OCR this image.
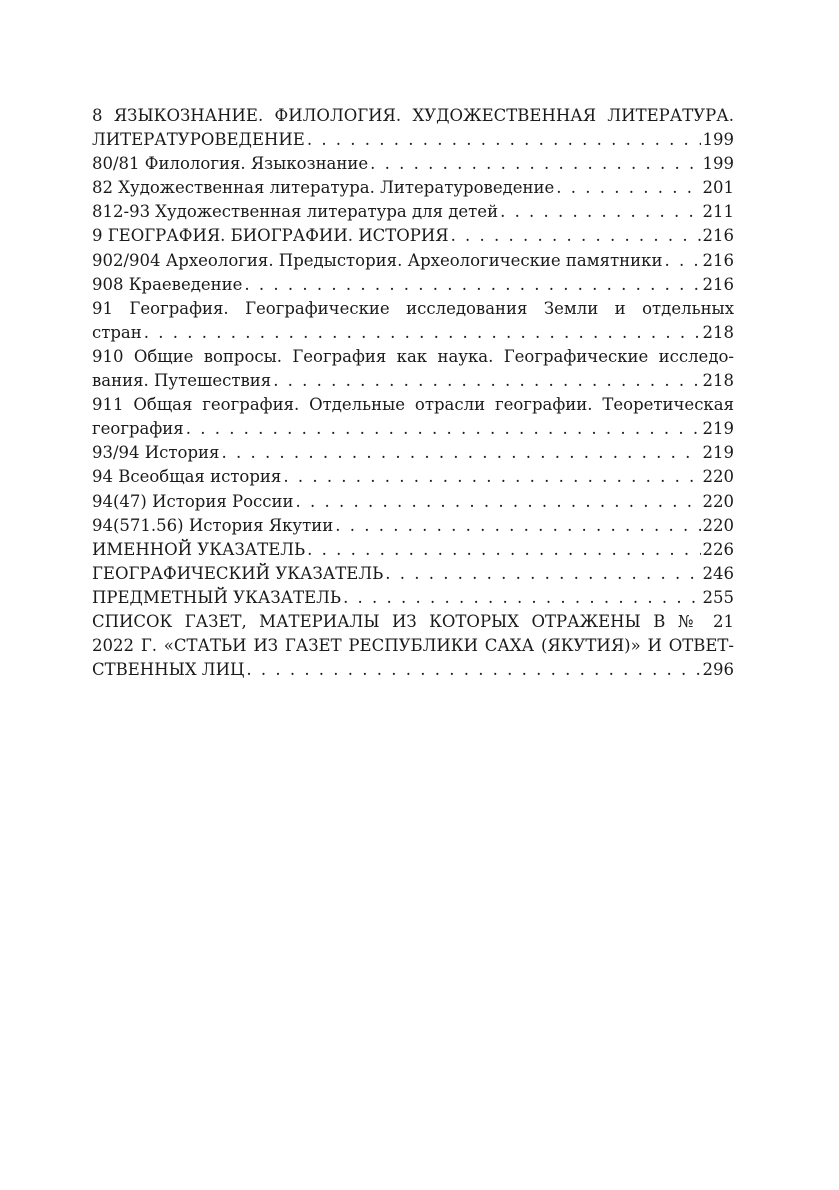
8 ЯЗЫКОЗНАНИЕ. ФИЛОЛОГИЯ. ХУДОЖЕСТВЕННАЯ ЛИТЕРАТУРА.
ЛИТЕРАТУРОВЕДЕНИЕ . . .	199
80/81 Филология. Языкознание . . .	199
82 Художественная литература. Литературоведение . . .	201
812-93 Художественная литература для детей . . .	211
9 ГЕОГРАФИЯ. БИОГРАФИИ. ИСТОРИЯ . . .	216
902/904 Археология. Предыстория. Археологические памятники . . . 216
908 Краеведение . . .	216
91 География. Географические исследования Земли и отдельных
стран . . .	218
910 Общие вопросы. География как наука. Географические исследо-
вания. Путешествия . . .	218
911 Общая география. Отдельные отрасли географии. Теоретическая
география . . .	219
93/94 История . . .	219
94 Всеобщая история . . .	220
94(47) История России . . .	220
94(571.56) История Якутии . . .	220
ИМЕННОЙ УКАЗАТЕЛЬ . . .	226
ГЕОГРАФИЧЕСКИЙ УКАЗАТЕЛЬ . . .	246
ПРЕДМЕТНЫЙ УКАЗАТЕЛЬ . . .	255
СПИСОК ГАЗЕТ, МАТЕРИАЛЫ ИЗ КОТОРЫХ ОТРАЖЕНЫ В № 21
2022 Г. «СТАТЬИ ИЗ ГАЗЕТ РЕСПУБЛИКИ САХА (ЯКУТИЯ)» И ОТВЕТ-
СТВЕННЫХ ЛИЦ . . .	296
